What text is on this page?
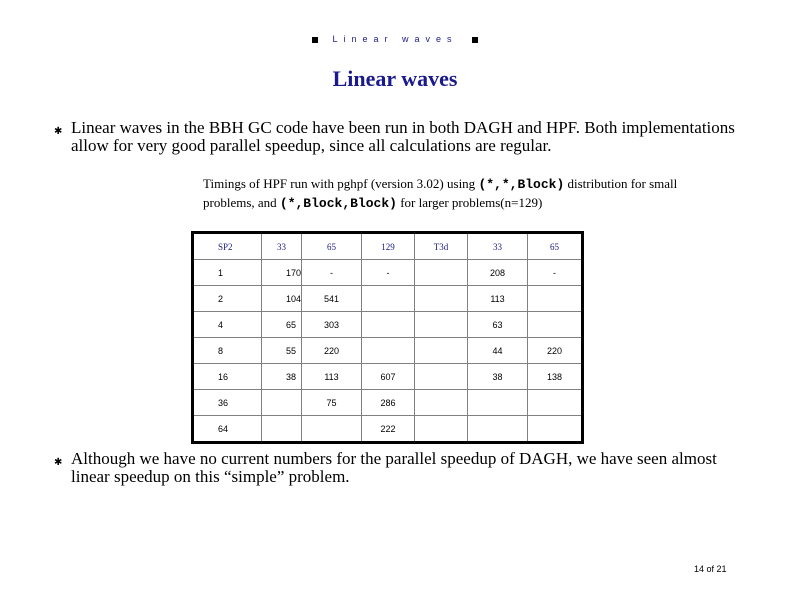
Linear waves
Linear waves
✱ Linear waves in the BBH GC code have been run in both DAGH and HPF. Both implementations allow for very good parallel speedup, since all calculations are regular.
Timings of HPF run with pghpf (version 3.02) using (*,*,Block) distribution for small problems, and (*,Block,Block) for larger problems(n=129)
SP2	33	65	129	T3d	33	65
1	170	-	-		208	-
2	104	541			113	
4	65	303			63	
8	55	220			44	220
16	38	113	607		38	138
36		75	286			
64			222			
✱ Although we have no current numbers for the parallel speedup of DAGH, we have seen almost linear speedup on this “simple” problem.
14 of 21
